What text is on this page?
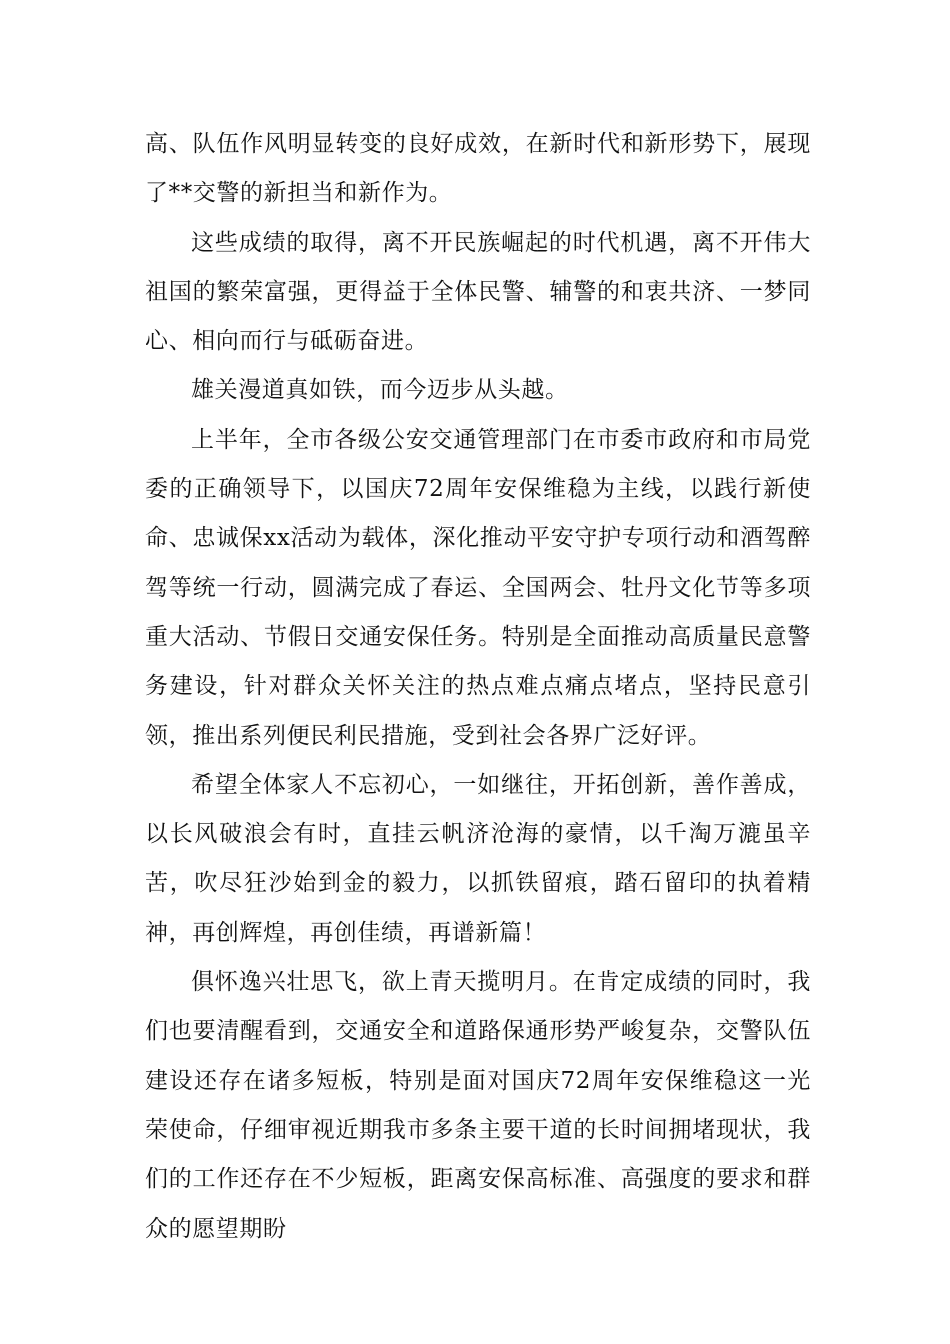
高、队伍作风明显转变的良好成效，在新时代和新形势下，展现了**交警的新担当和新作为。

这些成绩的取得，离不开民族崛起的时代机遇，离不开伟大祖国的繁荣富强，更得益于全体民警、辅警的和衷共济、一梦同心、相向而行与砥砺奋进。

雄关漫道真如铁，而今迈步从头越。

上半年，全市各级公安交通管理部门在市委市政府和市局党委的正确领导下，以国庆72周年安保维稳为主线，以践行新使命、忠诚保xx活动为载体，深化推动平安守护专项行动和酒驾醉驾等统一行动，圆满完成了春运、全国两会、牡丹文化节等多项重大活动、节假日交通安保任务。特别是全面推动高质量民意警务建设，针对群众关怀关注的热点难点痛点堵点，坚持民意引领，推出系列便民利民措施，受到社会各界广泛好评。

希望全体家人不忘初心，一如继往，开拓创新，善作善成，以长风破浪会有时，直挂云帆济沧海的豪情，以千淘万漉虽辛苦，吹尽狂沙始到金的毅力，以抓铁留痕，踏石留印的执着精神，再创辉煌，再创佳绩，再谱新篇！

俱怀逸兴壮思飞，欲上青天揽明月。在肯定成绩的同时，我们也要清醒看到，交通安全和道路保通形势严峻复杂，交警队伍建设还存在诸多短板，特别是面对国庆72周年安保维稳这一光荣使命，仔细审视近期我市多条主要干道的长时间拥堵现状，我们的工作还存在不少短板，距离安保高标准、高强度的要求和群众的愿望期盼
